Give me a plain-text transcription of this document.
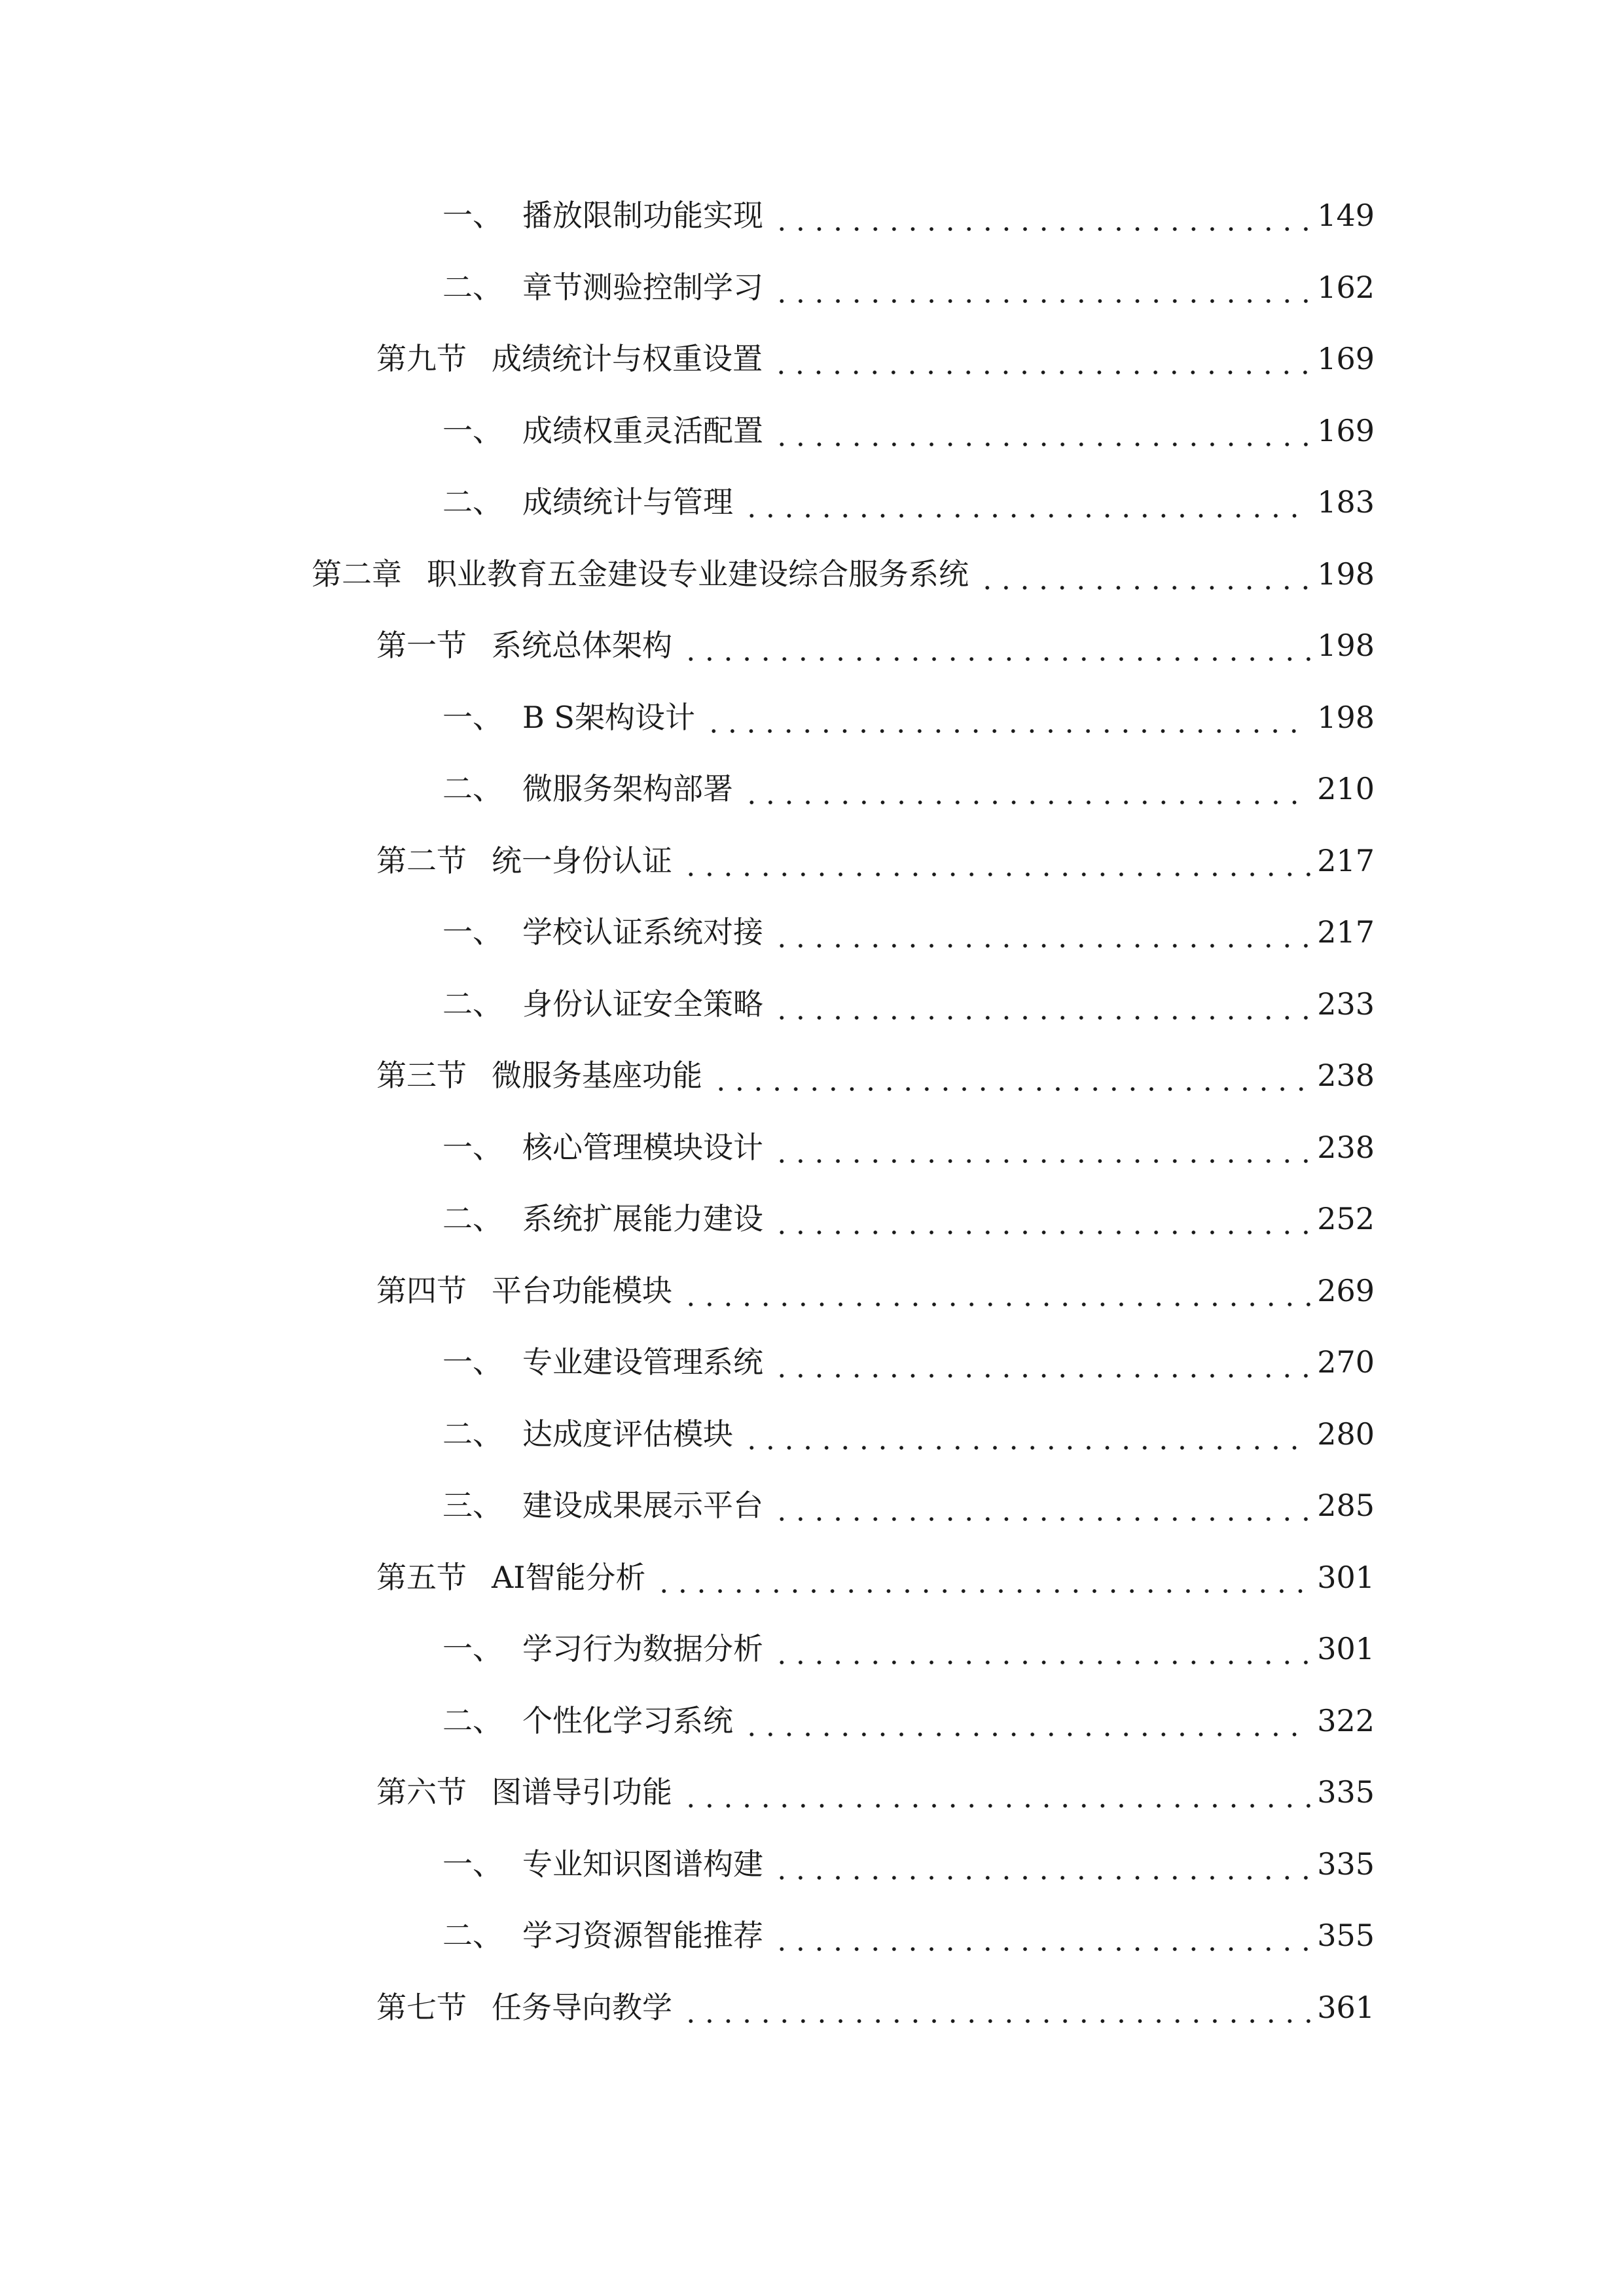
一、 播放限制功能实现	149
二、 章节测验控制学习	162
第九节 成绩统计与权重设置	169
一、 成绩权重灵活配置	169
二、 成绩统计与管理	183
第二章 职业教育五金建设专业建设综合服务系统	198
第一节 系统总体架构	198
一、 B S架构设计	198
二、 微服务架构部署	210
第二节 统一身份认证	217
一、 学校认证系统对接	217
二、 身份认证安全策略	233
第三节 微服务基座功能	238
一、 核心管理模块设计	238
二、 系统扩展能力建设	252
第四节 平台功能模块	269
一、 专业建设管理系统	270
二、 达成度评估模块	280
三、 建设成果展示平台	285
第五节 AI智能分析	301
一、 学习行为数据分析	301
二、 个性化学习系统	322
第六节 图谱导引功能	335
一、 专业知识图谱构建	335
二、 学习资源智能推荐	355
第七节 任务导向教学	361
